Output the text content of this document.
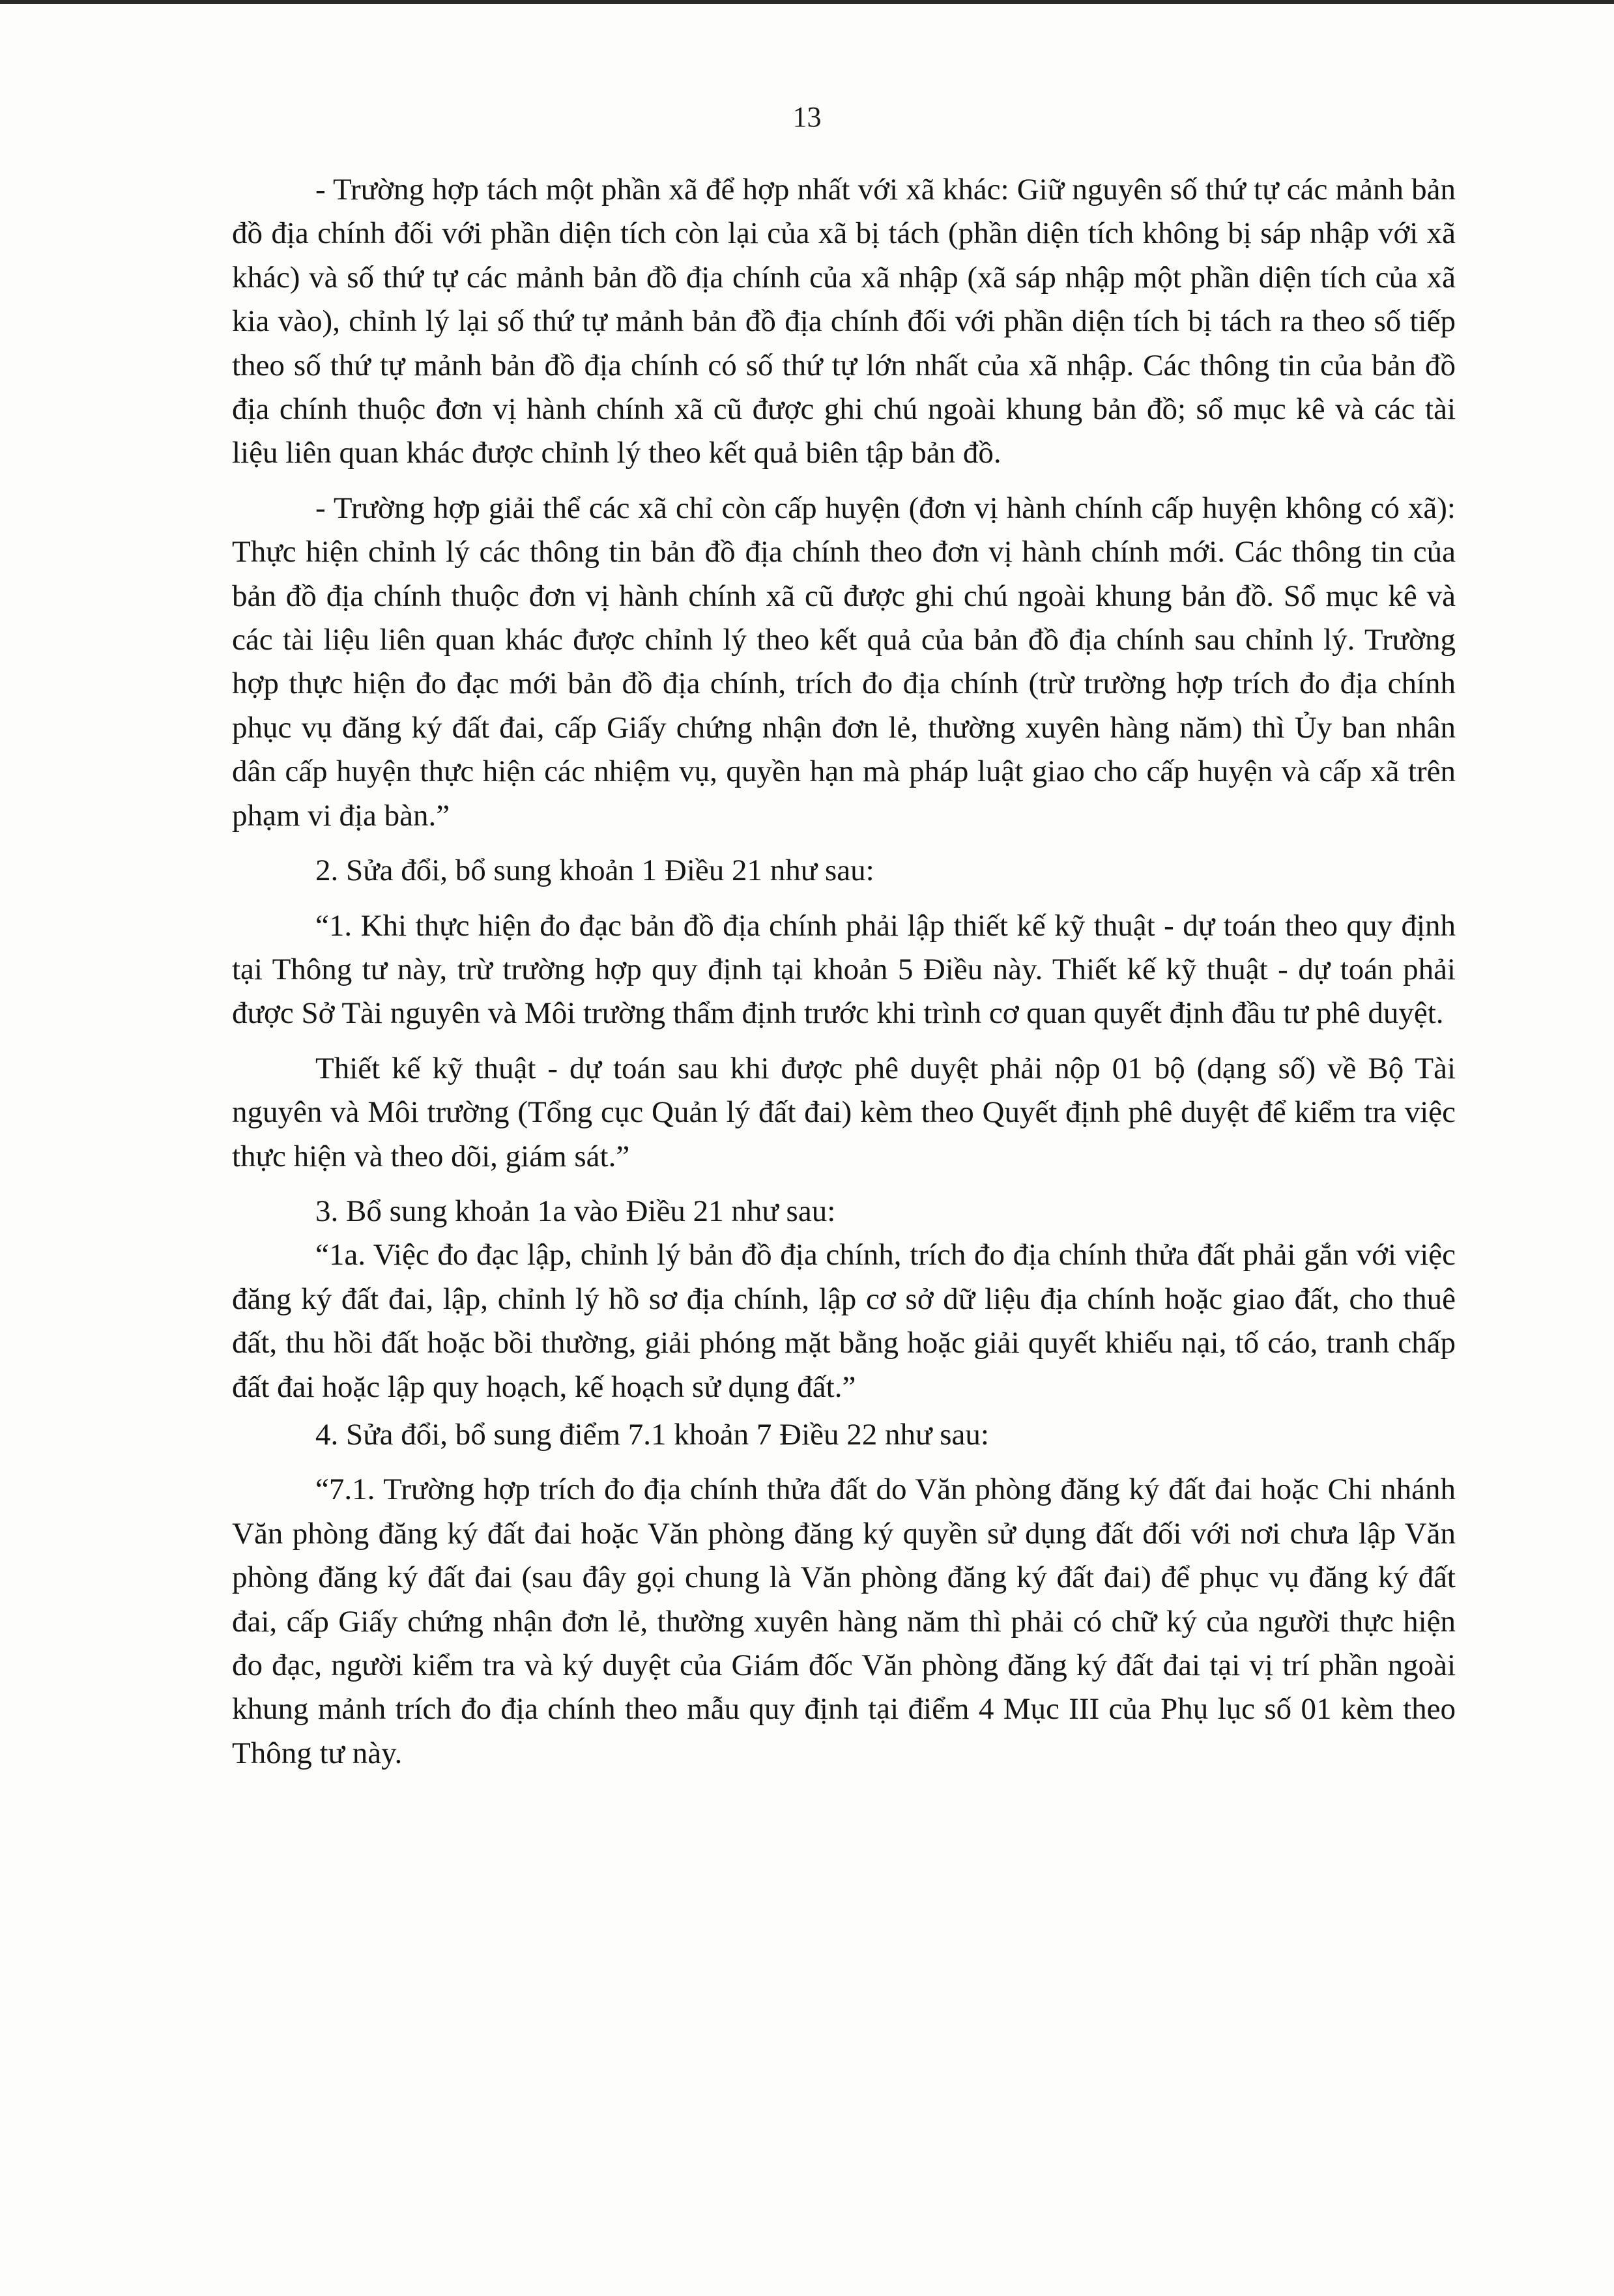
13

- Trường hợp tách một phần xã để hợp nhất với xã khác: Giữ nguyên số thứ tự các mảnh bản đồ địa chính đối với phần diện tích còn lại của xã bị tách (phần diện tích không bị sáp nhập với xã khác) và số thứ tự các mảnh bản đồ địa chính của xã nhập (xã sáp nhập một phần diện tích của xã kia vào), chỉnh lý lại số thứ tự mảnh bản đồ địa chính đối với phần diện tích bị tách ra theo số tiếp theo số thứ tự mảnh bản đồ địa chính có số thứ tự lớn nhất của xã nhập. Các thông tin của bản đồ địa chính thuộc đơn vị hành chính xã cũ được ghi chú ngoài khung bản đồ; sổ mục kê và các tài liệu liên quan khác được chỉnh lý theo kết quả biên tập bản đồ.

- Trường hợp giải thể các xã chỉ còn cấp huyện (đơn vị hành chính cấp huyện không có xã): Thực hiện chỉnh lý các thông tin bản đồ địa chính theo đơn vị hành chính mới. Các thông tin của bản đồ địa chính thuộc đơn vị hành chính xã cũ được ghi chú ngoài khung bản đồ. Sổ mục kê và các tài liệu liên quan khác được chỉnh lý theo kết quả của bản đồ địa chính sau chỉnh lý. Trường hợp thực hiện đo đạc mới bản đồ địa chính, trích đo địa chính (trừ trường hợp trích đo địa chính phục vụ đăng ký đất đai, cấp Giấy chứng nhận đơn lẻ, thường xuyên hàng năm) thì Ủy ban nhân dân cấp huyện thực hiện các nhiệm vụ, quyền hạn mà pháp luật giao cho cấp huyện và cấp xã trên phạm vi địa bàn.”

2. Sửa đổi, bổ sung khoản 1 Điều 21 như sau:

“1. Khi thực hiện đo đạc bản đồ địa chính phải lập thiết kế kỹ thuật - dự toán theo quy định tại Thông tư này, trừ trường hợp quy định tại khoản 5 Điều này. Thiết kế kỹ thuật - dự toán phải được Sở Tài nguyên và Môi trường thẩm định trước khi trình cơ quan quyết định đầu tư phê duyệt.

Thiết kế kỹ thuật - dự toán sau khi được phê duyệt phải nộp 01 bộ (dạng số) về Bộ Tài nguyên và Môi trường (Tổng cục Quản lý đất đai) kèm theo Quyết định phê duyệt để kiểm tra việc thực hiện và theo dõi, giám sát.”

3. Bổ sung khoản 1a vào Điều 21 như sau:

“1a. Việc đo đạc lập, chỉnh lý bản đồ địa chính, trích đo địa chính thửa đất phải gắn với việc đăng ký đất đai, lập, chỉnh lý hồ sơ địa chính, lập cơ sở dữ liệu địa chính hoặc giao đất, cho thuê đất, thu hồi đất hoặc bồi thường, giải phóng mặt bằng hoặc giải quyết khiếu nại, tố cáo, tranh chấp đất đai hoặc lập quy hoạch, kế hoạch sử dụng đất.”

4. Sửa đổi, bổ sung điểm 7.1 khoản 7 Điều 22 như sau:

“7.1. Trường hợp trích đo địa chính thửa đất do Văn phòng đăng ký đất đai hoặc Chi nhánh Văn phòng đăng ký đất đai hoặc Văn phòng đăng ký quyền sử dụng đất đối với nơi chưa lập Văn phòng đăng ký đất đai (sau đây gọi chung là Văn phòng đăng ký đất đai) để phục vụ đăng ký đất đai, cấp Giấy chứng nhận đơn lẻ, thường xuyên hàng năm thì phải có chữ ký của người thực hiện đo đạc, người kiểm tra và ký duyệt của Giám đốc Văn phòng đăng ký đất đai tại vị trí phần ngoài khung mảnh trích đo địa chính theo mẫu quy định tại điểm 4 Mục III của Phụ lục số 01 kèm theo Thông tư này.
